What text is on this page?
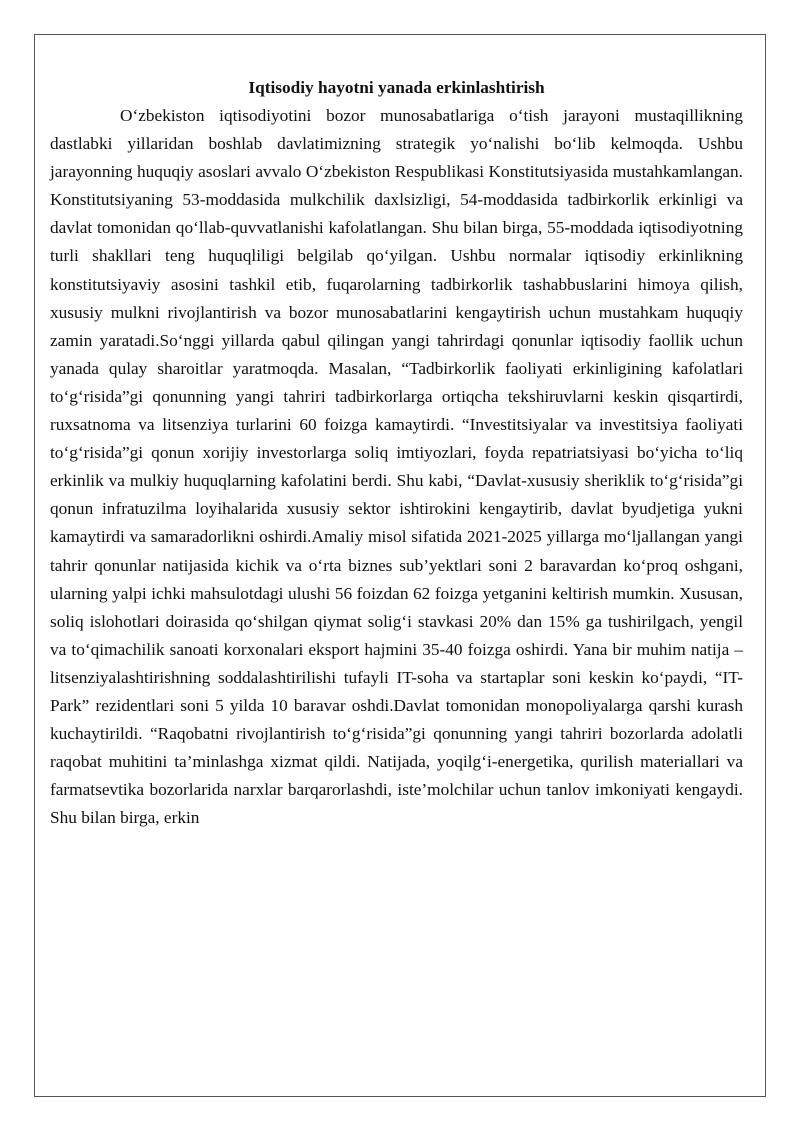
Iqtisodiy hayotni yanada erkinlashtirish

O‘zbekiston iqtisodiyotini bozor munosabatlariga o‘tish jarayoni mustaqillikning dastlabki yillaridan boshlab davlatimizning strategik yo‘nalishi bo‘lib kelmoqda. Ushbu jarayonning huquqiy asoslari avvalo O‘zbekiston Respublikasi Konstitutsiyasida mustahkamlangan. Konstitutsiyaning 53-moddasida mulkchilik daxlsizligi, 54-moddasida tadbirkorlik erkinligi va davlat tomonidan qo‘llab-quvvatlanishi kafolatlangan. Shu bilan birga, 55-moddada iqtisodiyotning turli shakllari teng huquqliligi belgilab qo‘yilgan. Ushbu normalar iqtisodiy erkinlikning konstitutsiyaviy asosini tashkil etib, fuqarolarning tadbirkorlik tashabbuslarini himoya qilish, xususiy mulkni rivojlantirish va bozor munosabatlarini kengaytirish uchun mustahkam huquqiy zamin yaratadi.So‘nggi yillarda qabul qilingan yangi tahrirdagi qonunlar iqtisodiy faollik uchun yanada qulay sharoitlar yaratmoqda. Masalan, “Tadbirkorlik faoliyati erkinligining kafolatlari to‘g‘risida”gi qonunning yangi tahriri tadbirkorlarga ortiqcha tekshiruvlarni keskin qisqartirdi, ruxsatnoma va litsenziya turlarini 60 foizga kamaytirdi. “Investitsiyalar va investitsiya faoliyati to‘g‘risida”gi qonun xorijiy investorlarga soliq imtiyozlari, foyda repatriatsiyasi bo‘yicha to‘liq erkinlik va mulkiy huquqlarning kafolatini berdi. Shu kabi, “Davlat-xususiy sheriklik to‘g‘risida”gi qonun infratuzilma loyihalarida xususiy sektor ishtirokini kengaytirib, davlat byudjetiga yukni kamaytirdi va samaradorlikni oshirdi.Amaliy misol sifatida 2021-2025 yillarga mo‘ljallangan yangi tahrir qonunlar natijasida kichik va o‘rta biznes sub’yektlari soni 2 baravardan ko‘proq oshgani, ularning yalpi ichki mahsulotdagi ulushi 56 foizdan 62 foizga yetganini keltirish mumkin. Xususan, soliq islohotlari doirasida qo‘shilgan qiymat solig‘i stavkasi 20% dan 15% ga tushirilgach, yengil va to‘qimachilik sanoati korxonalari eksport hajmini 35-40 foizga oshirdi. Yana bir muhim natija – litsenziyalashtirishning soddalashtirilishi tufayli IT-soha va startaplar soni keskin ko‘paydi, “IT-Park” rezidentlari soni 5 yilda 10 baravar oshdi.Davlat tomonidan monopoliyalarga qarshi kurash kuchaytirildi. “Raqobatni rivojlantirish to‘g‘risida”gi qonunning yangi tahriri bozorlarda adolatli raqobat muhitini ta’minlashga xizmat qildi. Natijada, yoqilg‘i-energetika, qurilish materiallari va farmatsevtika bozorlarida narxlar barqarorlashdi, iste’molchilar uchun tanlov imkoniyati kengaydi. Shu bilan birga, erkin
